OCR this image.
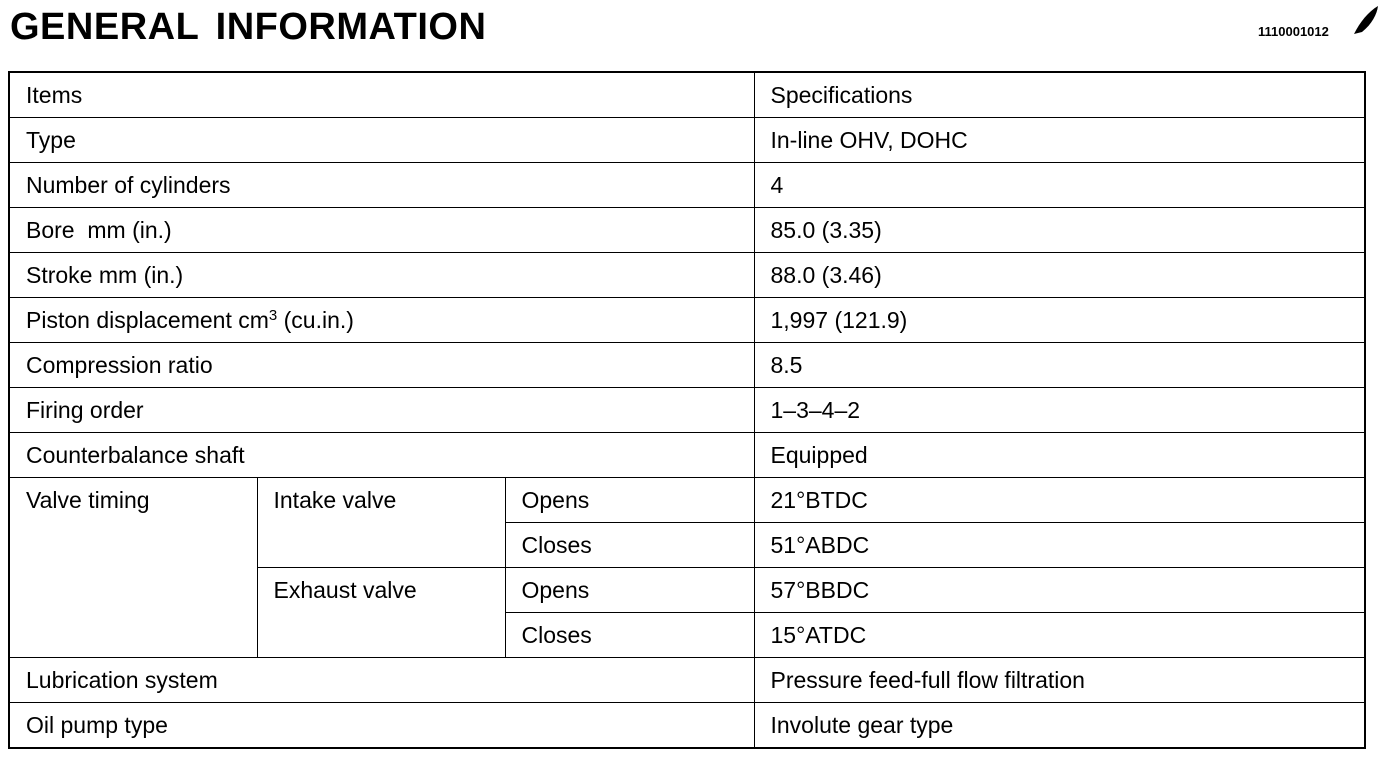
GENERAL INFORMATION	1110001012
Items			Specifications
Type			In-line OHV, DOHC
Number of cylinders			4
Bore  mm (in.)			85.0 (3.35)
Stroke mm (in.)			88.0 (3.46)
Piston displacement $cm^3$ (cu.in.)			1,997 (121.9)
Compression ratio			8.5
Firing order			1–3–4–2
Counterbalance shaft			Equipped
Valve timing	Intake valve	Opens	21°BTDC
		Closes	51°ABDC
	Exhaust valve	Opens	57°BBDC
		Closes	15°ATDC
Lubrication system			Pressure feed-full flow filtration
Oil pump type			Involute gear type
